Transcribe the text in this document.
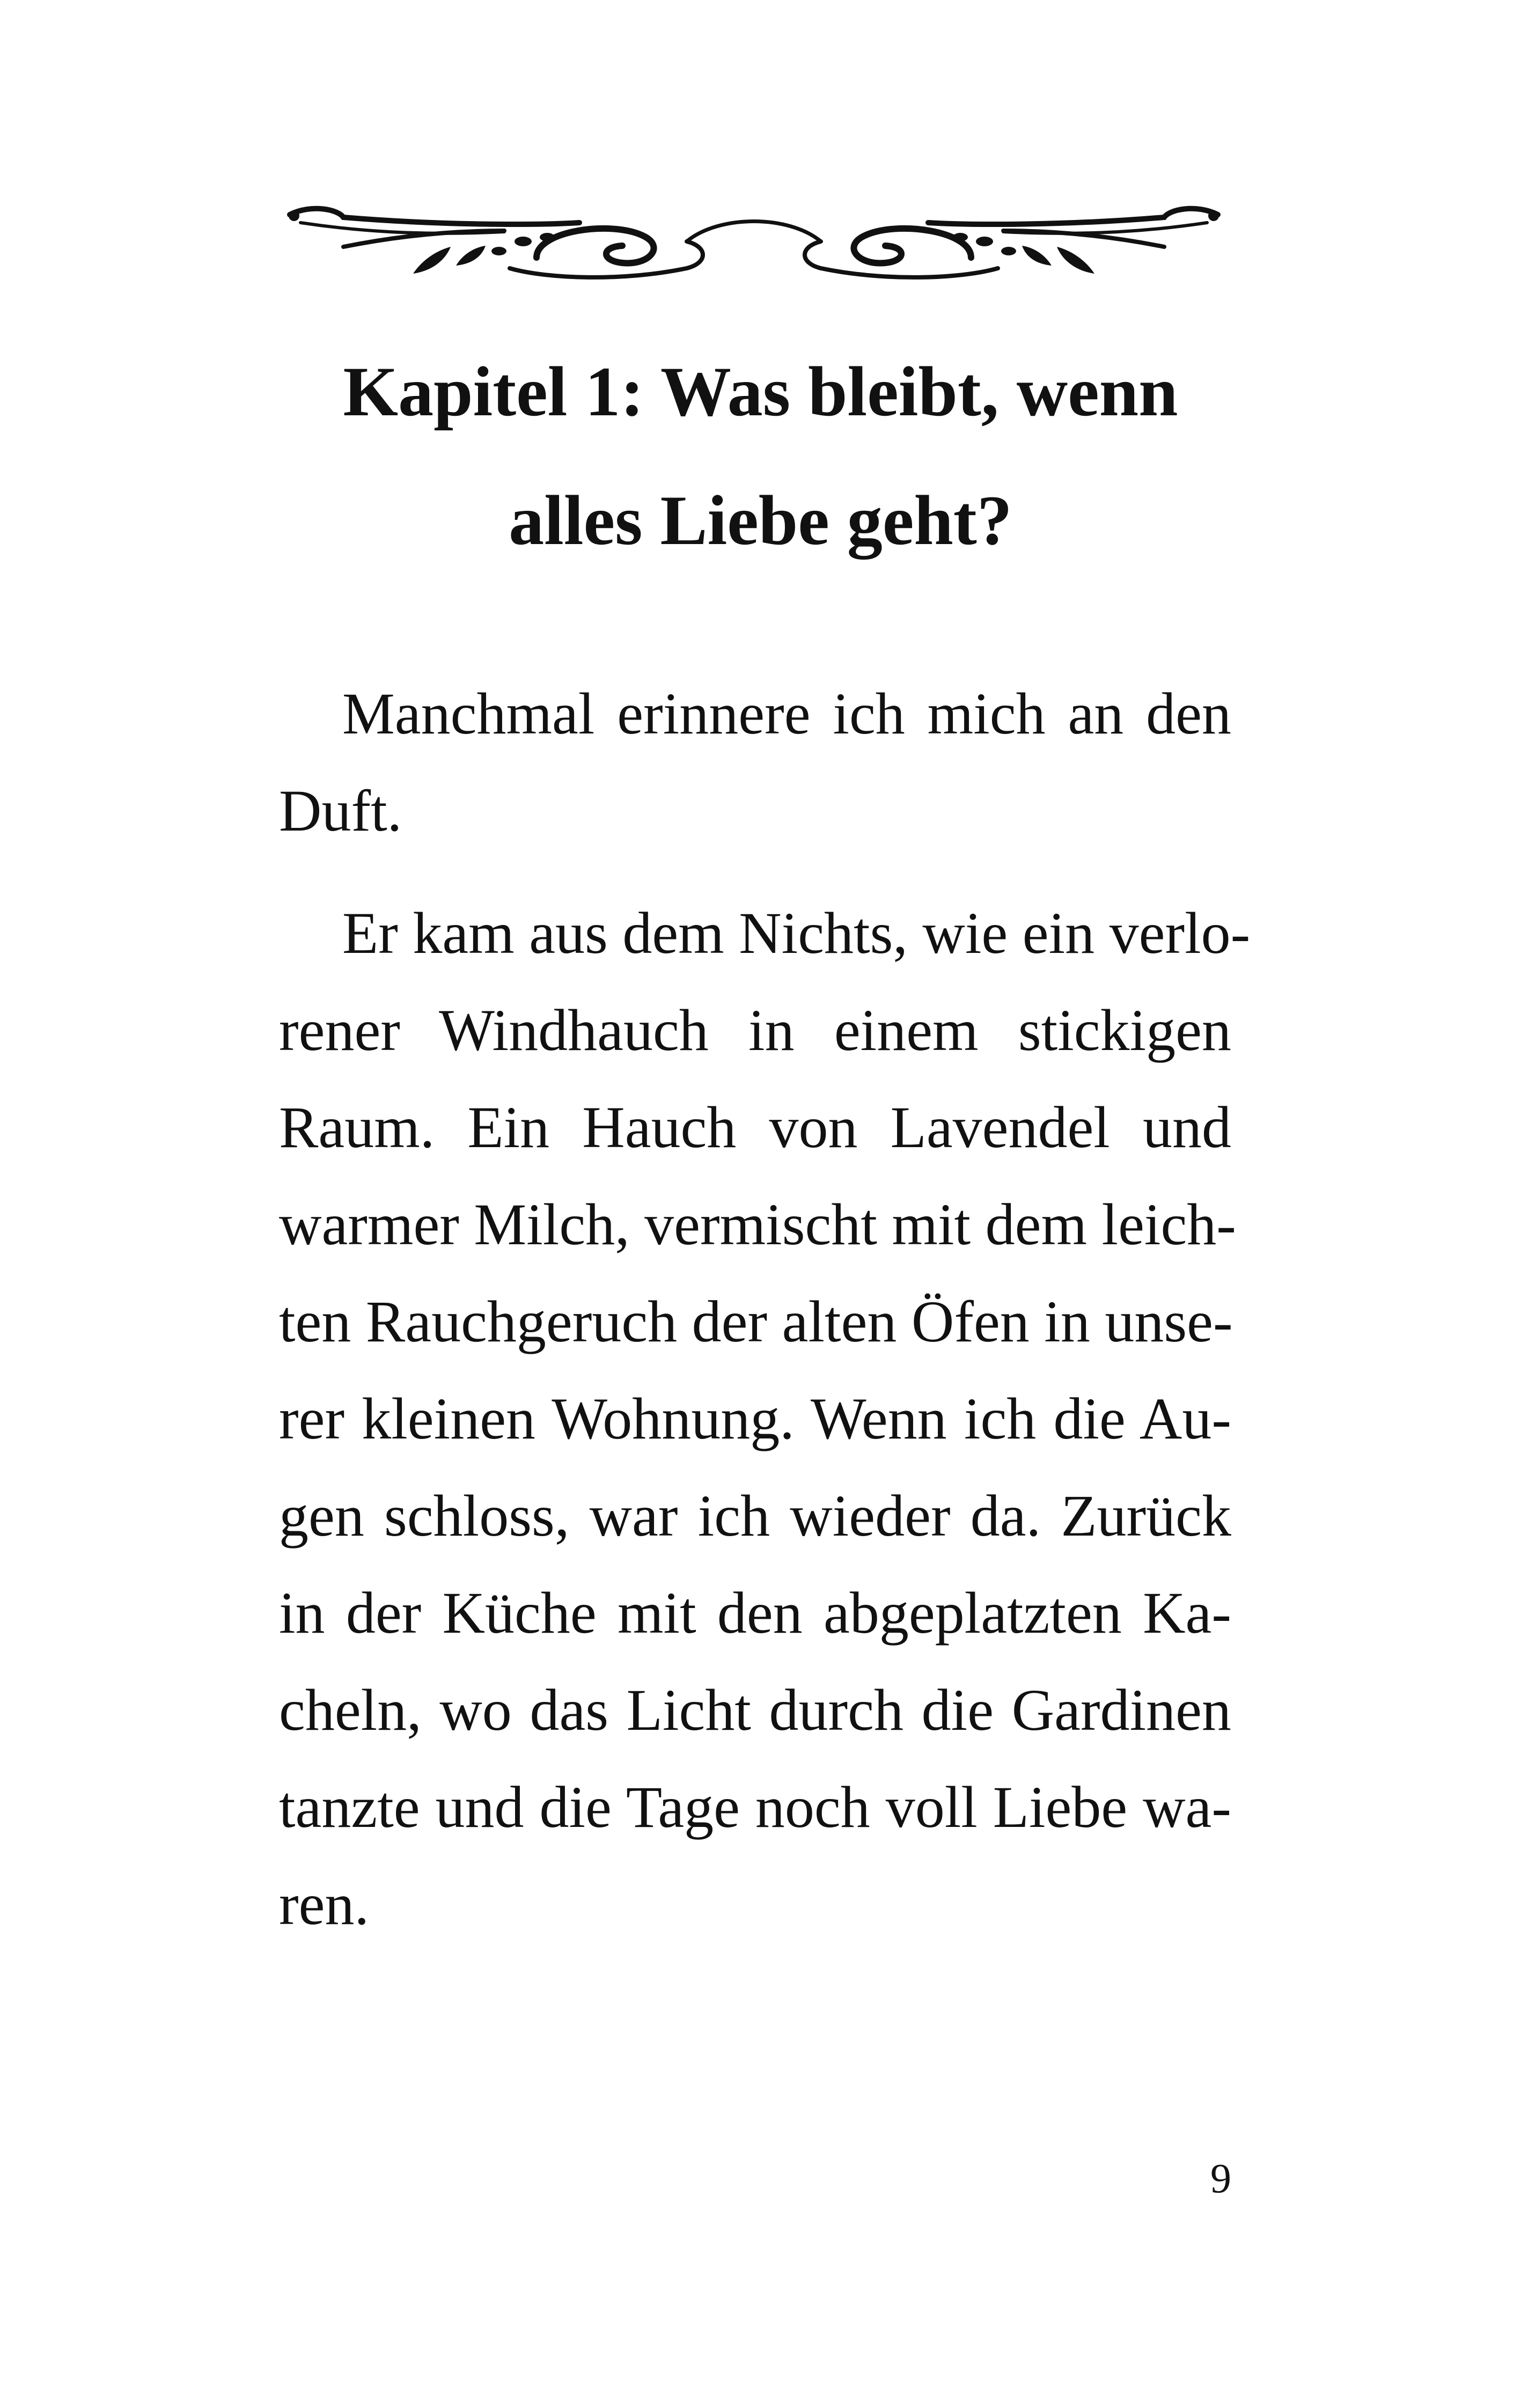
Kapitel 1: Was bleibt, wenn
alles Liebe geht?

Manchmal erinnere ich mich an den
Duft.

Er kam aus dem Nichts, wie ein verlo-
rener Windhauch in einem stickigen
Raum. Ein Hauch von Lavendel und
warmer Milch, vermischt mit dem leich-
ten Rauchgeruch der alten Öfen in unse-
rer kleinen Wohnung. Wenn ich die Au-
gen schloss, war ich wieder da. Zurück
in der Küche mit den abgeplatzten Ka-
cheln, wo das Licht durch die Gardinen
tanzte und die Tage noch voll Liebe wa-
ren.

9
